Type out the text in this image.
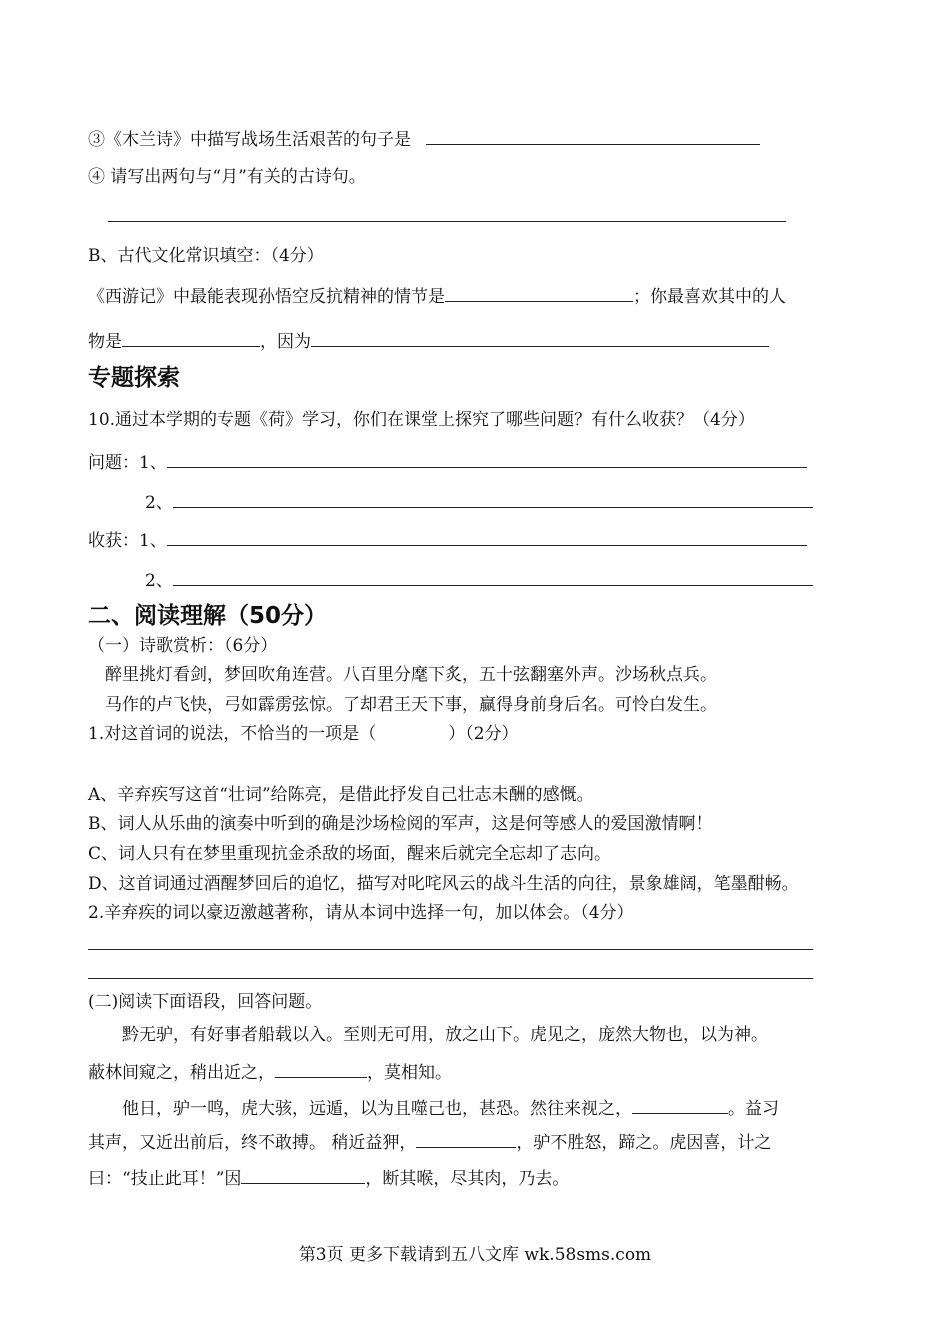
③《木兰诗》中描写战场生活艰苦的句子是
④ 请写出两句与“月”有关的古诗句。
B、古代文化常识填空：（4分）
《西游记》中最能表现孙悟空反抗精神的情节是	；你最喜欢其中的人
物是	，因为
专题探索
10.通过本学期的专题《荷》学习，你们在课堂上探究了哪些问题？有什么收获？（4分）
问题：1、
2、
收获：1、
2、
二、阅读理解（50分）
（一）诗歌赏析：（6分）
醉里挑灯看剑，梦回吹角连营。八百里分麾下炙，五十弦翻塞外声。沙场秋点兵。
马作的卢飞快，弓如霹雳弦惊。了却君王天下事，赢得身前身后名。可怜白发生。
1.对这首词的说法，不恰当的一项是（	）（2分）
A、辛弃疾写这首“壮词”给陈亮，是借此抒发自己壮志未酬的感慨。
B、词人从乐曲的演奏中听到的确是沙场检阅的军声，这是何等感人的爱国激情啊！
C、词人只有在梦里重现抗金杀敌的场面，醒来后就完全忘却了志向。
D、这首词通过酒醒梦回后的追忆，描写对叱咤风云的战斗生活的向往，景象雄阔，笔墨酣畅。
2.辛弃疾的词以豪迈激越著称，请从本词中选择一句，加以体会。（4分）
(二)阅读下面语段，回答问题。
黔无驴，有好事者船载以入。至则无可用，放之山下。虎见之，庞然大物也，以为神。
蔽林间窥之，稍出近之，	，莫相知。
他日，驴一鸣，虎大骇，远遁，以为且噬己也，甚恐。然往来视之，	。益习
其声，又近出前后，终不敢搏。 稍近益狎，	，驴不胜怒，蹄之。虎因喜，计之
曰：“技止此耳！”因	，断其喉，尽其肉，乃去。
第3页 更多下载请到五八文库 wk.58sms.com
